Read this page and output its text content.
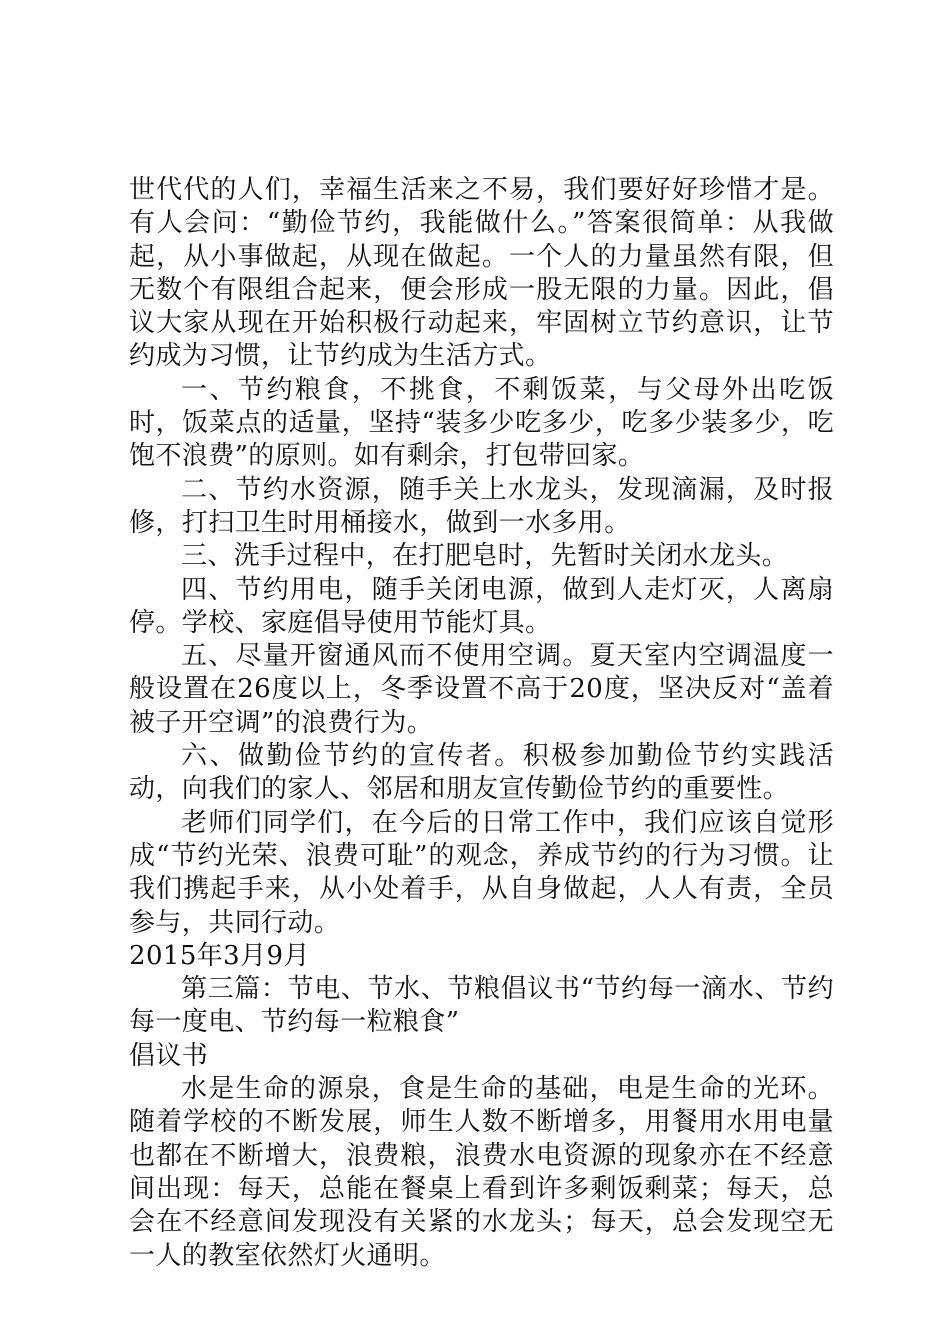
世代代的人们，幸福生活来之不易，我们要好好珍惜才是。有人会问：“勤俭节约，我能做什么。”答案很简单：从我做起，从小事做起，从现在做起。一个人的力量虽然有限，但无数个有限组合起来，便会形成一股无限的力量。因此，倡议大家从现在开始积极行动起来，牢固树立节约意识，让节约成为习惯，让节约成为生活方式。

一、节约粮食，不挑食，不剩饭菜，与父母外出吃饭时，饭菜点的适量，坚持“装多少吃多少，吃多少装多少，吃饱不浪费”的原则。如有剩余，打包带回家。

二、节约水资源，随手关上水龙头，发现滴漏，及时报修，打扫卫生时用桶接水，做到一水多用。

三、洗手过程中，在打肥皂时，先暂时关闭水龙头。

四、节约用电，随手关闭电源，做到人走灯灭，人离扇停。学校、家庭倡导使用节能灯具。

五、尽量开窗通风而不使用空调。夏天室内空调温度一般设置在26度以上，冬季设置不高于20度，坚决反对“盖着被子开空调”的浪费行为。

六、做勤俭节约的宣传者。积极参加勤俭节约实践活动，向我们的家人、邻居和朋友宣传勤俭节约的重要性。

老师们同学们，在今后的日常工作中，我们应该自觉形成“节约光荣、浪费可耻”的观念，养成节约的行为习惯。让我们携起手来，从小处着手，从自身做起，人人有责，全员参与，共同行动。

2015年3月9月

第三篇：节电、节水、节粮倡议书“节约每一滴水、节约每一度电、节约每一粒粮食”

倡议书

水是生命的源泉，食是生命的基础，电是生命的光环。随着学校的不断发展，师生人数不断增多，用餐用水用电量也都在不断增大，浪费粮，浪费水电资源的现象亦在不经意间出现：每天，总能在餐桌上看到许多剩饭剩菜；每天，总会在不经意间发现没有关紧的水龙头；每天，总会发现空无一人的教室依然灯火通明。
